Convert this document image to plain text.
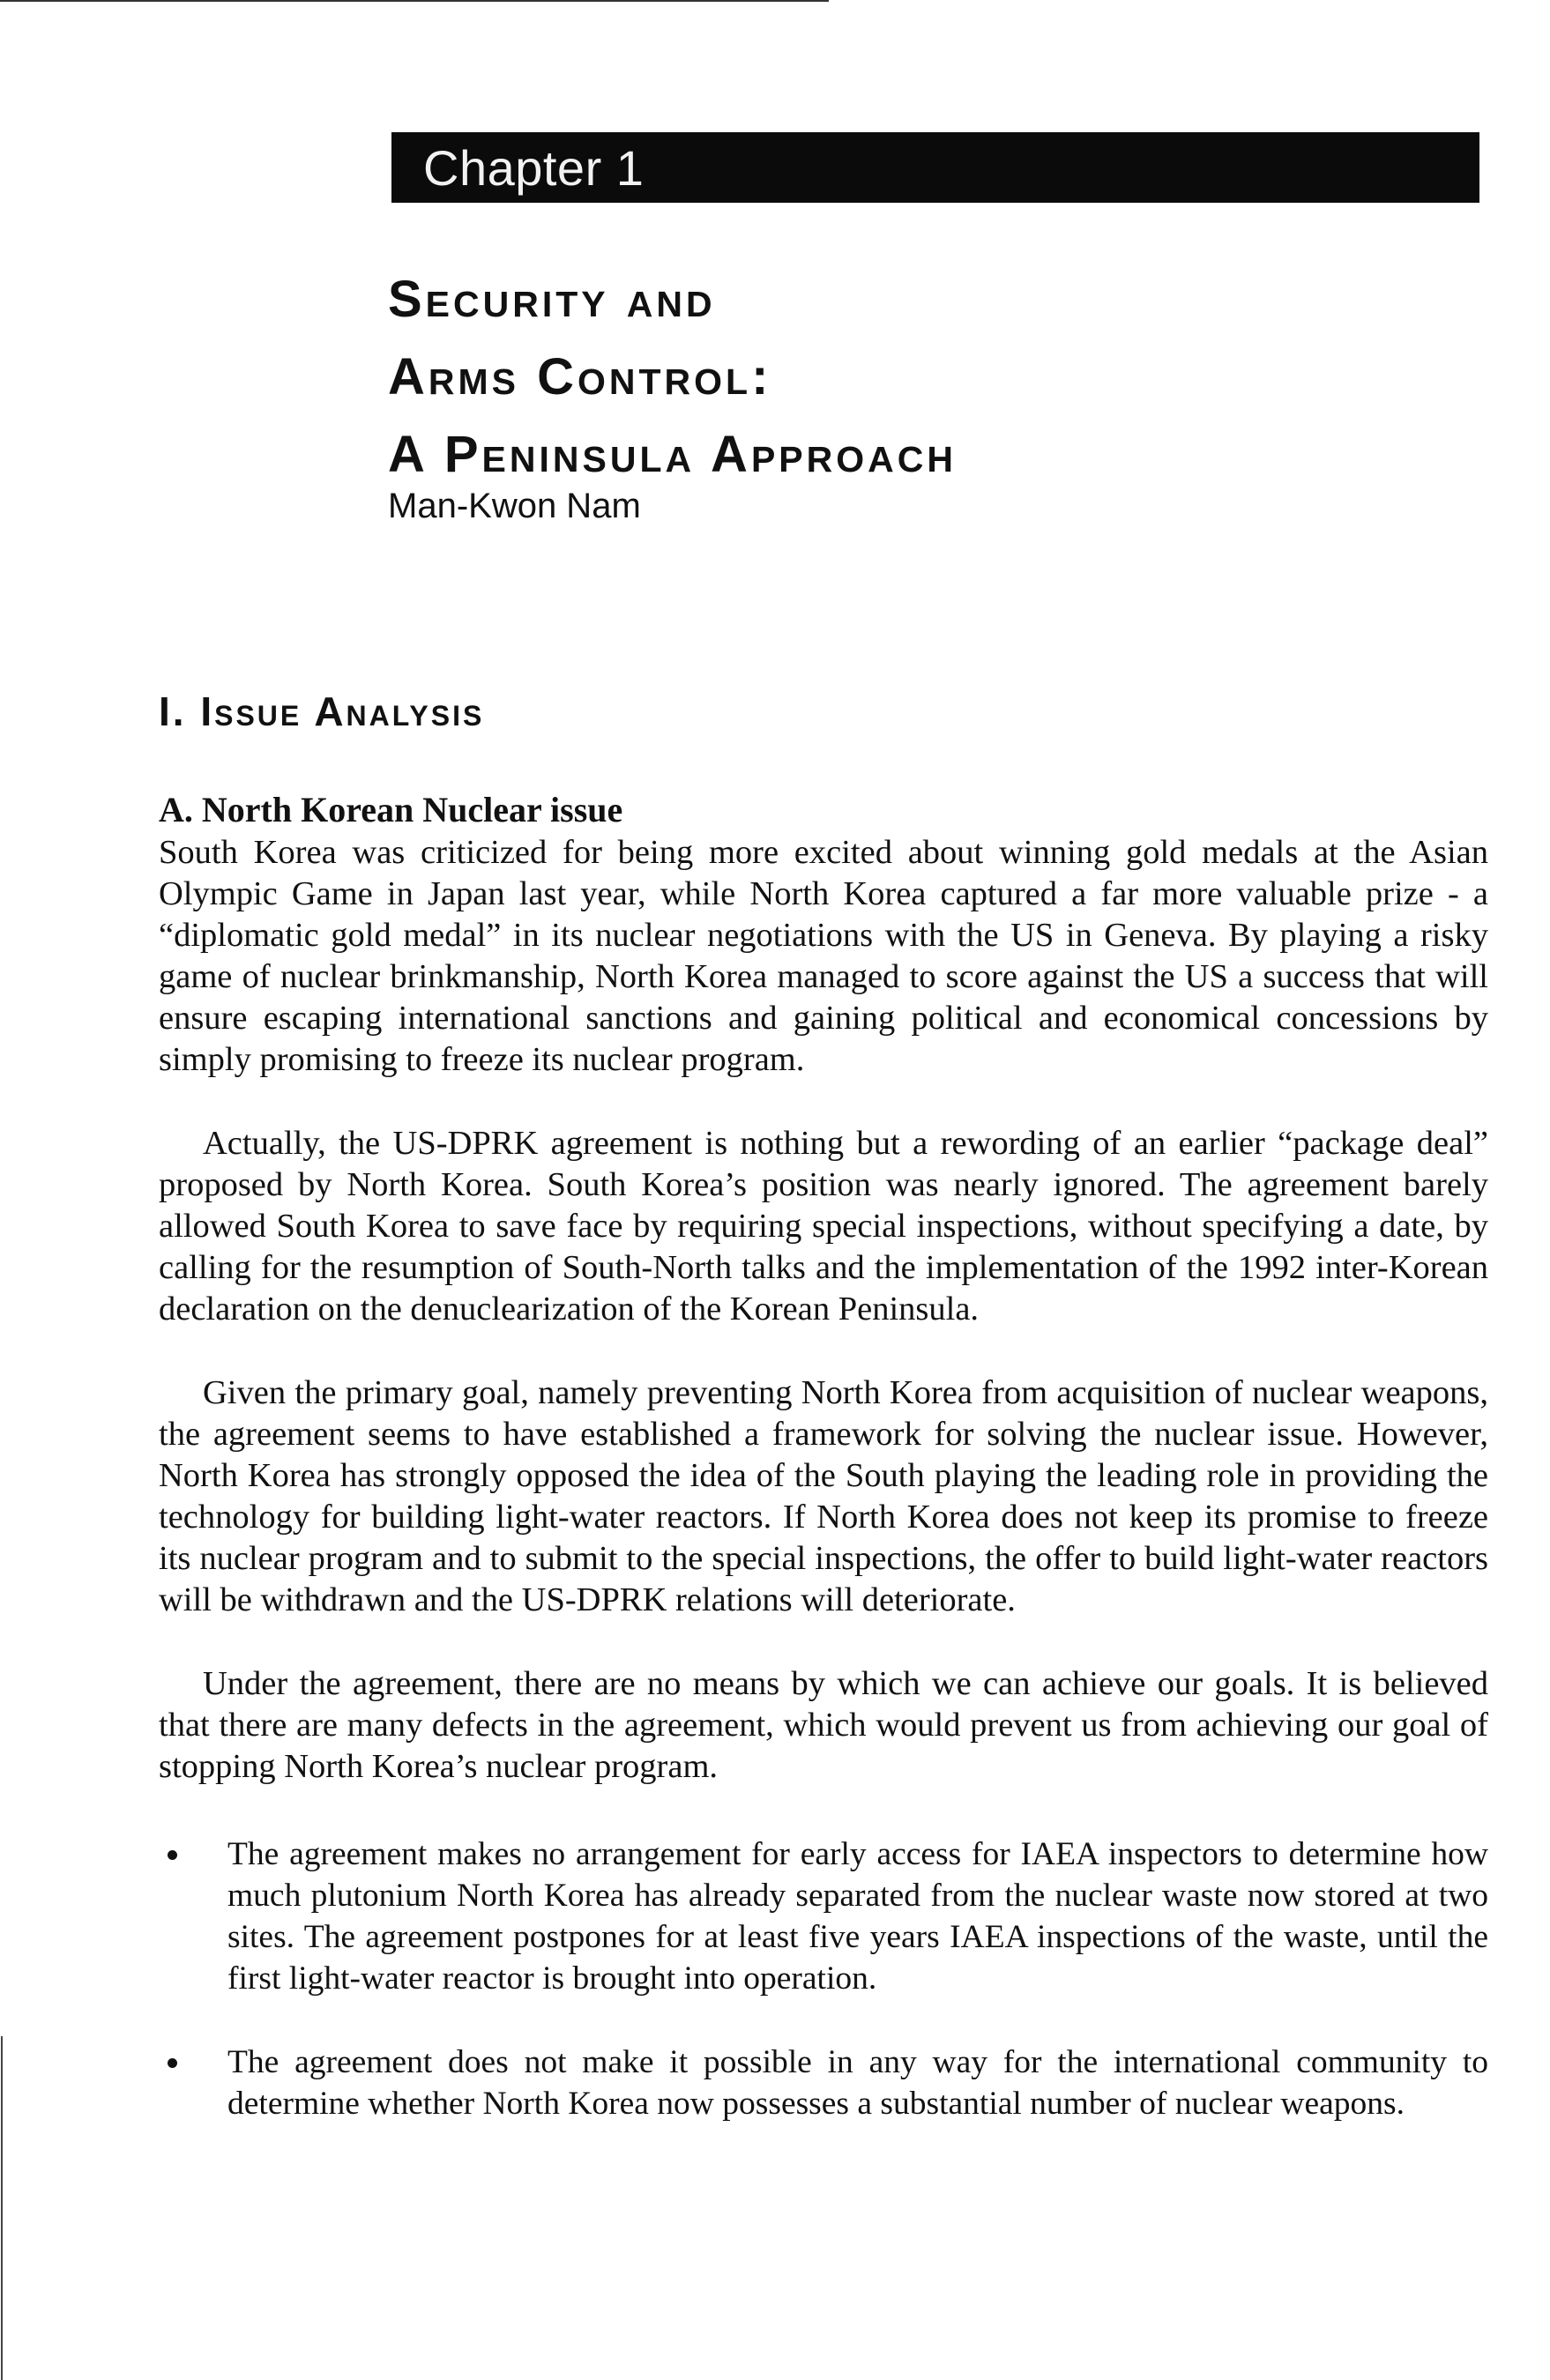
Chapter 1
Security and
Arms Control:
A Peninsula Approach
Man-Kwon Nam
I. Issue Analysis
A. North Korean Nuclear issue

South Korea was criticized for being more excited about winning gold medals at the Asian Olympic Game in Japan last year, while North Korea captured a far more valuable prize - a “diplomatic gold medal” in its nuclear negotiations with the US in Geneva. By playing a risky game of nuclear brinkmanship, North Korea managed to score against the US a success that will ensure escaping international sanctions and gaining political and economical concessions by simply promising to freeze its nuclear program.

Actually, the US-DPRK agreement is nothing but a rewording of an earlier “package deal” proposed by North Korea. South Korea’s position was nearly ignored. The agreement barely allowed South Korea to save face by requiring special inspections, without specifying a date, by calling for the resumption of South-North talks and the implementation of the 1992 inter-Korean declaration on the denuclearization of the Korean Peninsula.

Given the primary goal, namely preventing North Korea from acquisition of nuclear weapons, the agreement seems to have established a framework for solving the nuclear issue. However, North Korea has strongly opposed the idea of the South playing the leading role in providing the technology for building light-water reactors. If North Korea does not keep its promise to freeze its nuclear program and to submit to the special inspections, the offer to build light-water reactors will be withdrawn and the US-DPRK relations will deteriorate.

Under the agreement, there are no means by which we can achieve our goals. It is believed that there are many defects in the agreement, which would prevent us from achieving our goal of stopping North Korea’s nuclear program.

The agreement makes no arrangement for early access for IAEA inspectors to determine how much plutonium North Korea has already separated from the nuclear waste now stored at two sites. The agreement postpones for at least five years IAEA inspections of the waste, until the first light-water reactor is brought into operation.
The agreement does not make it possible in any way for the international community to determine whether North Korea now possesses a substantial number of nuclear weapons.
